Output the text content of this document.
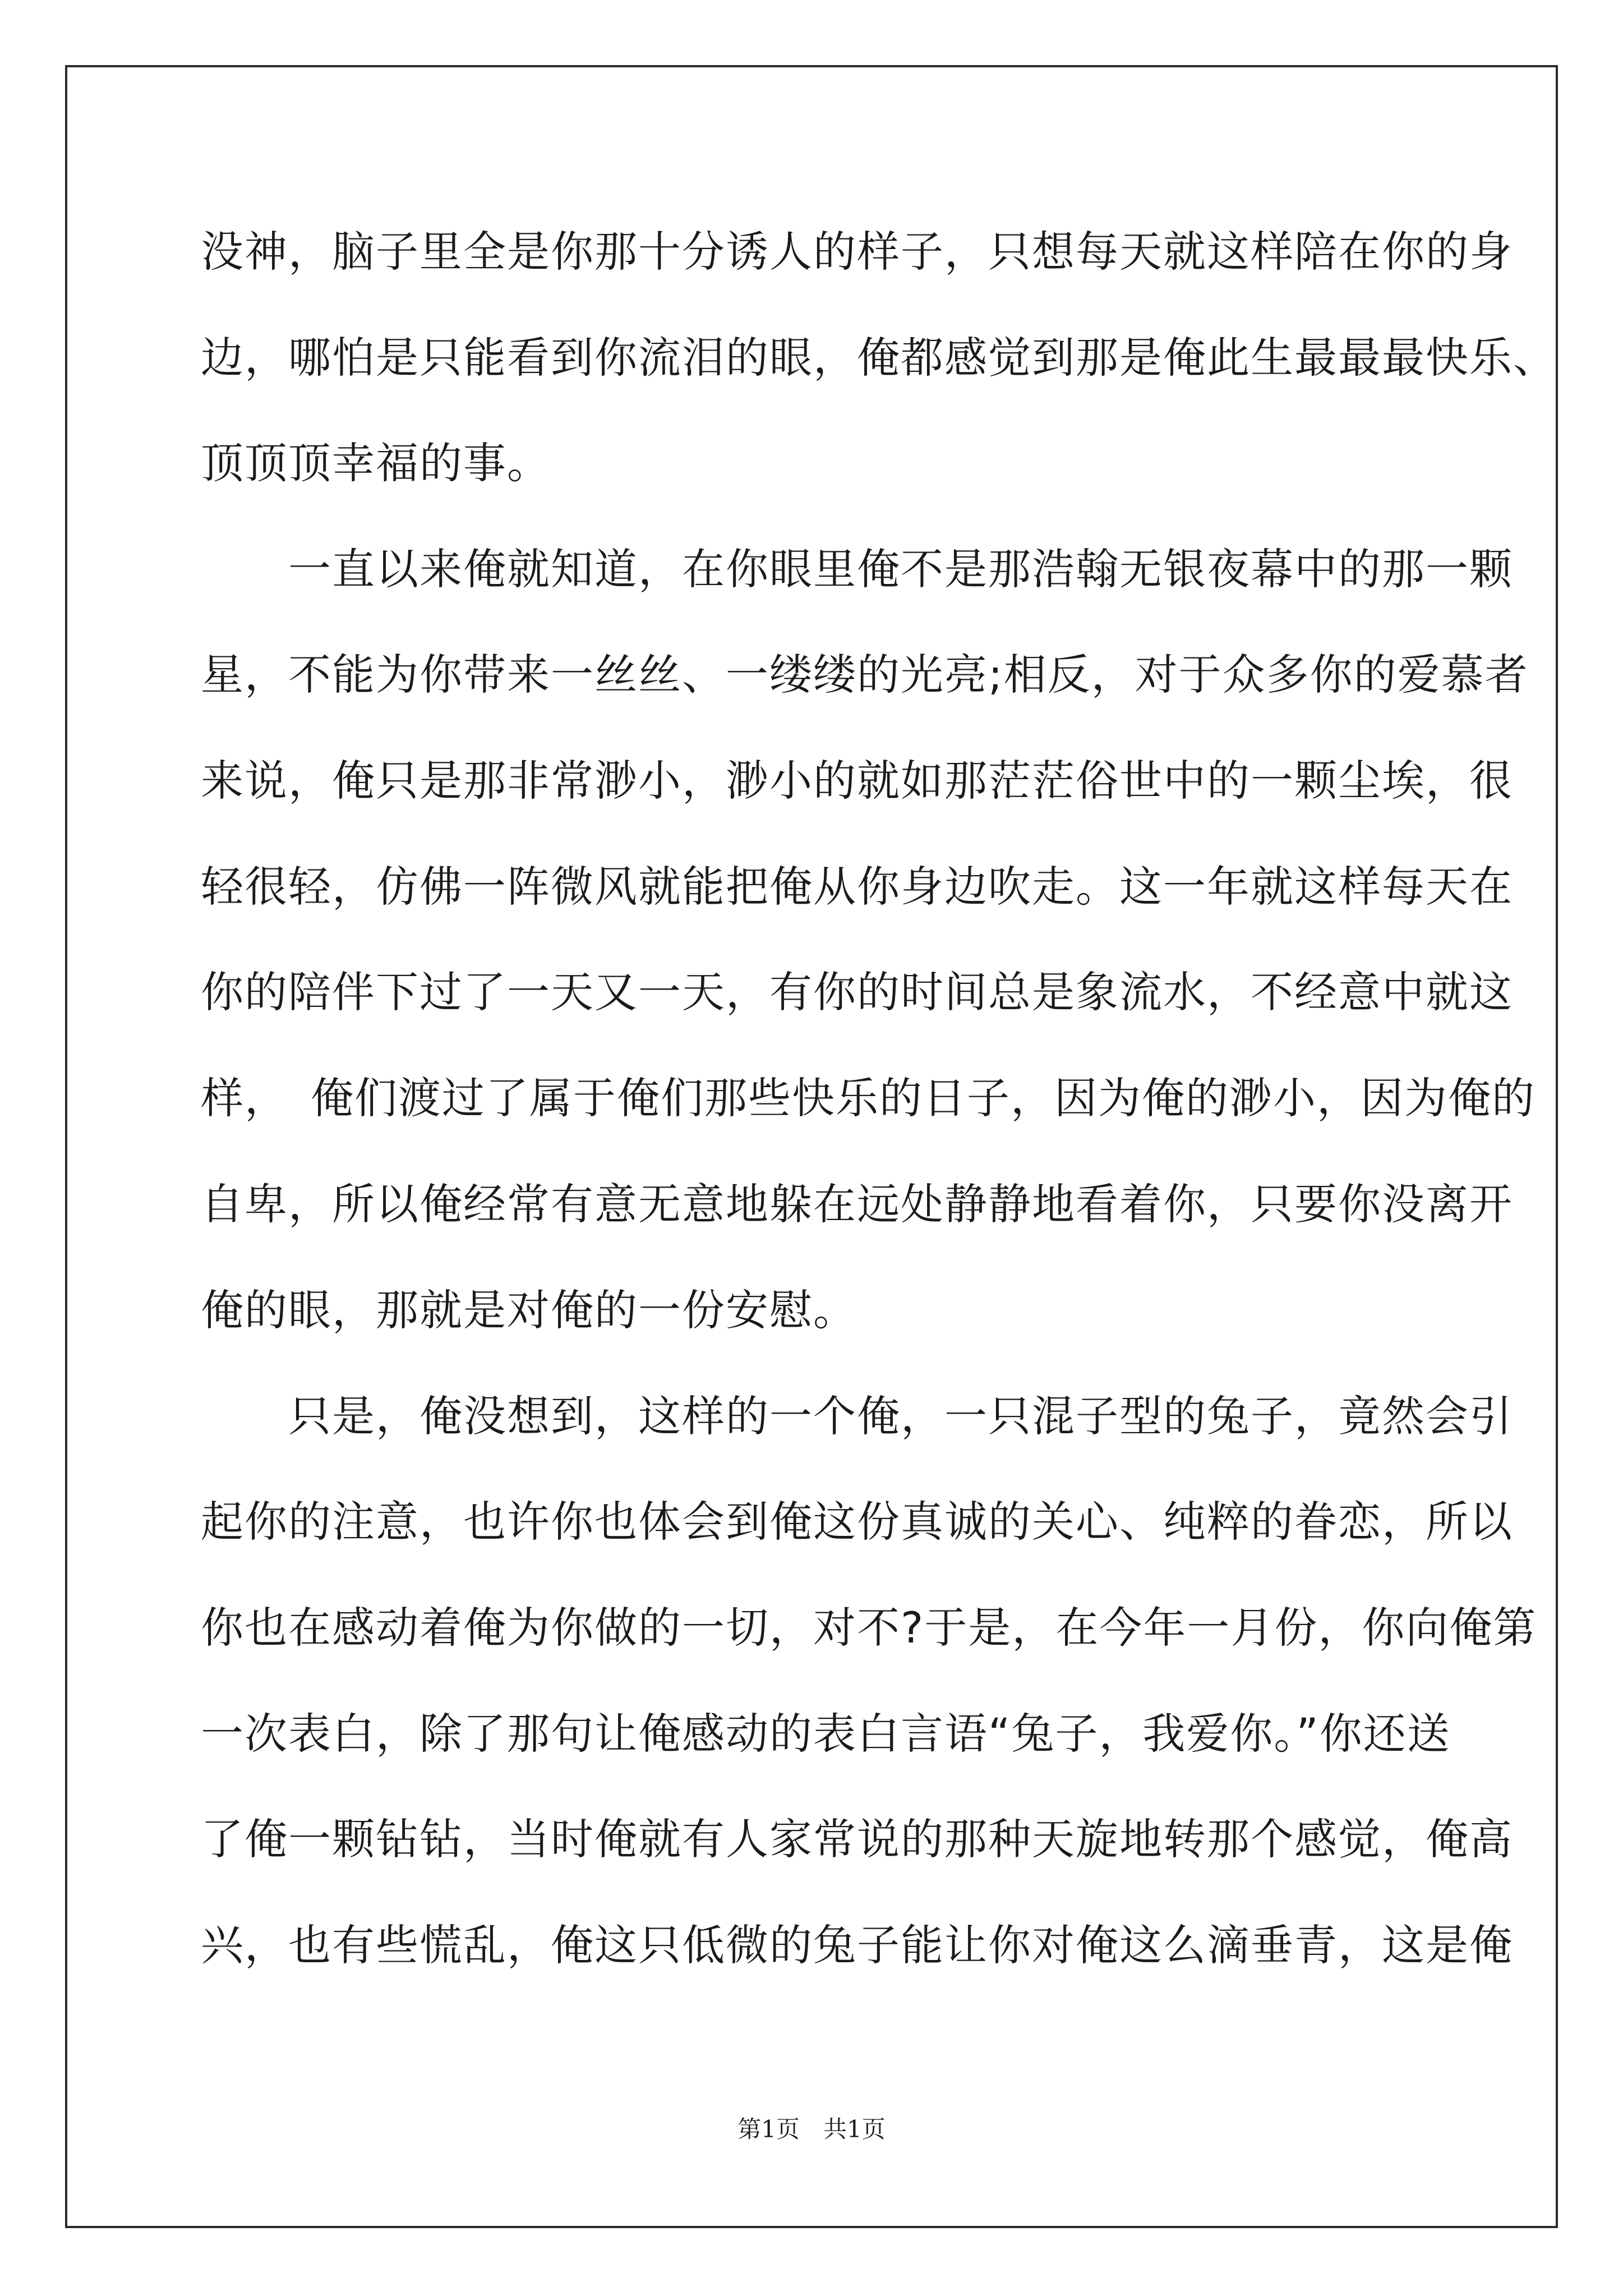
没神，脑子里全是你那十分诱人的样子，只想每天就这样陪在你的身

边，哪怕是只能看到你流泪的眼，俺都感觉到那是俺此生最最最快乐、

顶顶顶幸福的事。

　　一直以来俺就知道，在你眼里俺不是那浩翰无银夜幕中的那一颗

星，不能为你带来一丝丝、一缕缕的光亮;相反，对于众多你的爱慕者

来说，俺只是那非常渺小，渺小的就如那茫茫俗世中的一颗尘埃，很

轻很轻，仿佛一阵微风就能把俺从你身边吹走。这一年就这样每天在

你的陪伴下过了一天又一天，有你的时间总是象流水，不经意中就这

样，　俺们渡过了属于俺们那些快乐的日子，因为俺的渺小，因为俺的

自卑，所以俺经常有意无意地躲在远处静静地看着你，只要你没离开

俺的眼，那就是对俺的一份安慰。

　　只是，俺没想到，这样的一个俺，一只混子型的兔子，竟然会引

起你的注意，也许你也体会到俺这份真诚的关心、纯粹的眷恋，所以

你也在感动着俺为你做的一切，对不?于是，在今年一月份，你向俺第

一次表白，除了那句让俺感动的表白言语“兔子，我爱你。”你还送

了俺一颗钻钻，当时俺就有人家常说的那种天旋地转那个感觉，俺高

兴，也有些慌乱，俺这只低微的兔子能让你对俺这么滴垂青，这是俺

第1页　共1页
